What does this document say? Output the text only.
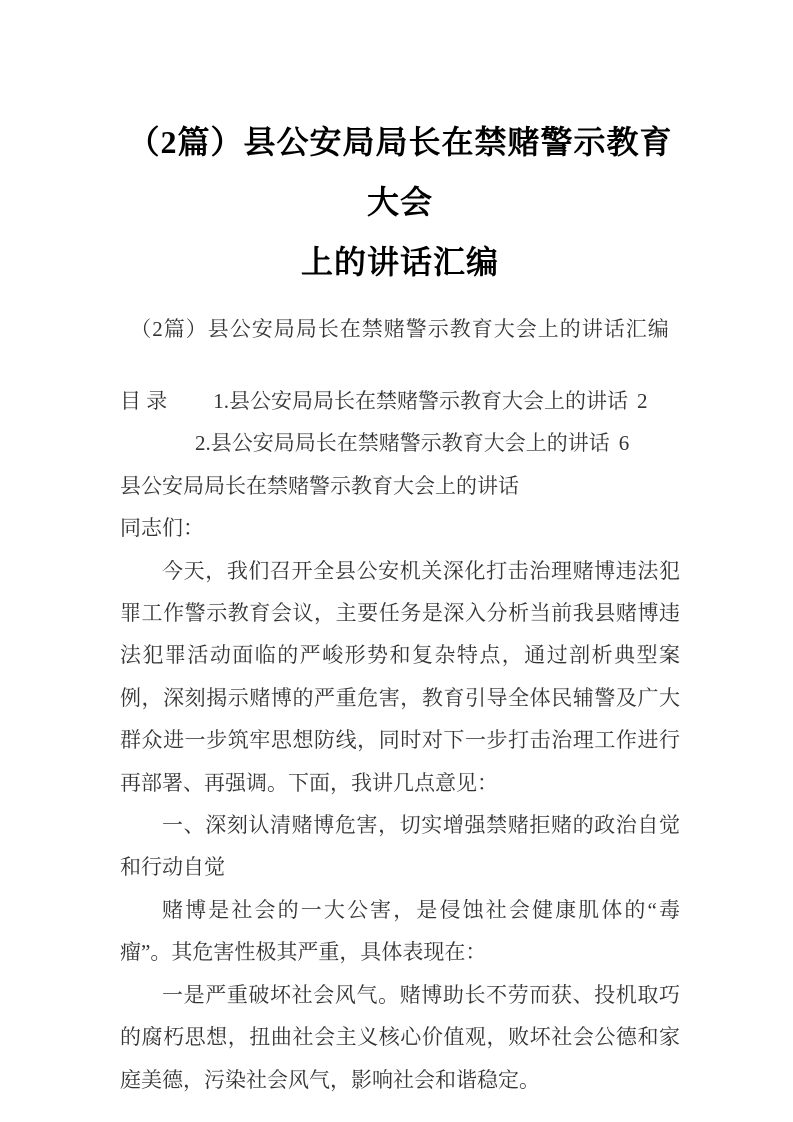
（2篇）县公安局局长在禁赌警示教育大会
上的讲话汇编

（2篇）县公安局局长在禁赌警示教育大会上的讲话汇编

目 录 1.县公安局局长在禁赌警示教育大会上的讲话 2

2.县公安局局长在禁赌警示教育大会上的讲话 6

县公安局局长在禁赌警示教育大会上的讲话

同志们：

今天，我们召开全县公安机关深化打击治理赌博违法犯罪工作警示教育会议，主要任务是深入分析当前我县赌博违法犯罪活动面临的严峻形势和复杂特点，通过剖析典型案例，深刻揭示赌博的严重危害，教育引导全体民辅警及广大群众进一步筑牢思想防线，同时对下一步打击治理工作进行再部署、再强调。下面，我讲几点意见：

一、深刻认清赌博危害，切实增强禁赌拒赌的政治自觉和行动自觉

赌博是社会的一大公害，是侵蚀社会健康肌体的“毒瘤”。其危害性极其严重，具体表现在：

一是严重破坏社会风气。赌博助长不劳而获、投机取巧的腐朽思想，扭曲社会主义核心价值观，败坏社会公德和家庭美德，污染社会风气，影响社会和谐稳定。
